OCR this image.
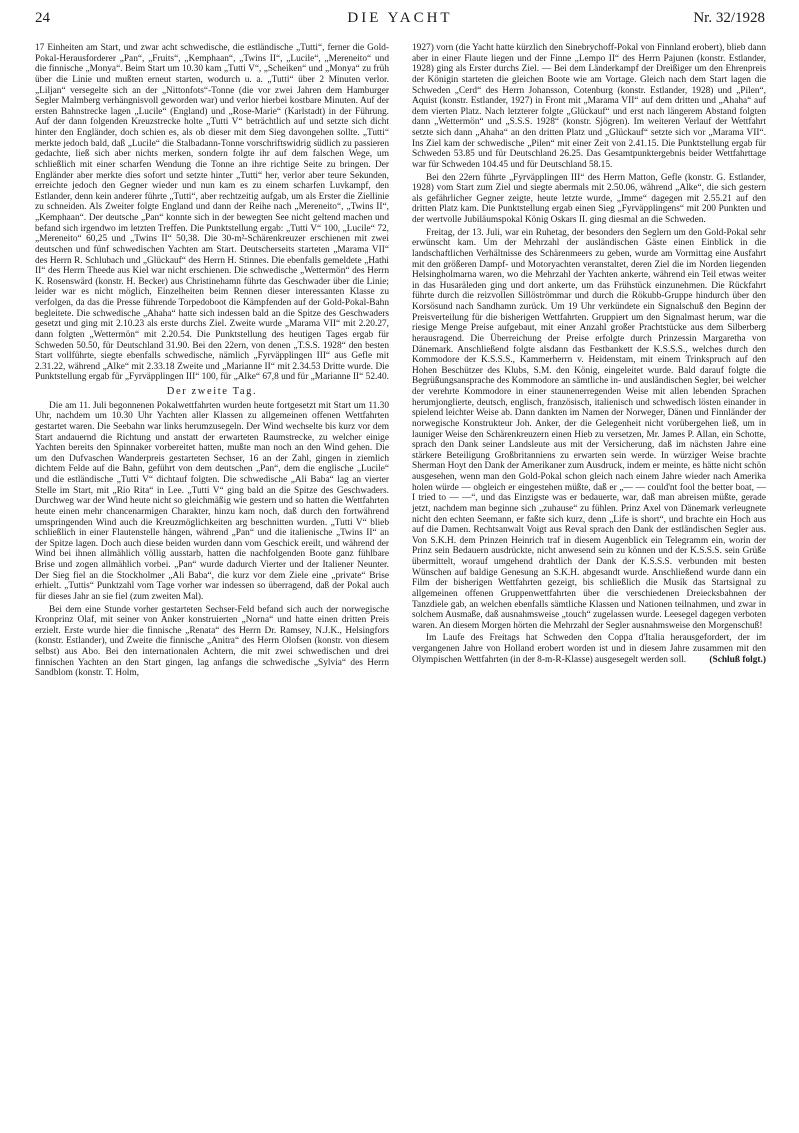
24	DIE YACHT	Nr. 32/1928

17 Einheiten am Start, und zwar acht schwedische, die estländische „Tutti“, ferner die Gold-Pokal-Herausforderer „Pan“, „Fruits“, „Kemphaan“, „Twins II“, „Lucile“, „Mereneito“ und die finnische „Monya“. Beim Start um 10.30 kam „Tutti V“, „Scheiken“ und „Monya“ zu früh über die Linie und mußten erneut starten, wodurch u. a. „Tutti“ über 2 Minuten verlor. „Liljan“ versegelte sich an der „Nittonfots“-Tonne (die vor zwei Jahren dem Hamburger Segler Malmberg verhängnisvoll geworden war) und verlor hierbei kostbare Minuten. Auf der ersten Bahnstrecke lagen „Lucile“ (England) und „Rose-Marie“ (Karlstadt) in der Führung. Auf der dann folgenden Kreuzstrecke holte „Tutti V“ beträchtlich auf und setzte sich dicht hinter den Engländer, doch schien es, als ob dieser mit dem Sieg davongehen sollte. „Tutti“ merkte jedoch bald, daß „Lucile“ die Stalbadann-Tonne vorschriftswidrig südlich zu passieren gedachte, ließ sich aber nichts merken, sondern folgte ihr auf dem falschen Wege, um schließlich mit einer scharfen Wendung die Tonne an ihre richtige Seite zu bringen. Der Engländer aber merkte dies sofort und setzte hinter „Tutti“ her, verlor aber teure Sekunden, erreichte jedoch den Gegner wieder und nun kam es zu einem scharfen Luvkampf, den Estlander, denn kein anderer führte „Tutti“, aber rechtzeitig aufgab, um als Erster die Ziellinie zu schneiden. Als Zweiter folgte England und dann der Reihe nach „Mereneito“, „Twins II“, „Kemphaan“. Der deutsche „Pan“ konnte sich in der bewegten See nicht geltend machen und befand sich irgendwo im letzten Treffen. Die Punktstellung ergab: „Tutti V“ 100, „Lucile“ 72, „Mereneito“ 60,25 und „Twins II“ 50,38. Die 30-m²-Schärenkreuzer erschienen mit zwei deutschen und fünf schwedischen Yachten am Start. Deutscherseits starteten „Marama VII“ des Herrn R. Schlubach und „Glückauf“ des Herrn H. Stinnes. Die ebenfalls gemeldete „Hathi II“ des Herrn Theede aus Kiel war nicht erschienen. Die schwedische „Wettermön“ des Herrn K. Rosenswärd (konstr. H. Becker) aus Christinehamn führte das Geschwader über die Linie; leider war es nicht möglich, Einzelheiten beim Rennen dieser interessanten Klasse zu verfolgen, da das die Presse führende Torpedoboot die Kämpfenden auf der Gold-Pokal-Bahn begleitete. Die schwedische „Ahaha“ hatte sich indessen bald an die Spitze des Geschwaders gesetzt und ging mit 2.10.23 als erste durchs Ziel. Zweite wurde „Marama VII“ mit 2.20.27, dann folgten „Wettermön“ mit 2.20.54. Die Punktstellung des heutigen Tages ergab für Schweden 50.50, für Deutschland 31.90. Bei den 22ern, von denen „T.S.S. 1928“ den besten Start vollführte, siegte ebenfalls schwedische, nämlich „Fyrväpplingen III“ aus Gefle mit 2.31.22, während „Alke“ mit 2.33.18 Zweite und „Marianne II“ mit 2.34.53 Dritte wurde. Die Punktstellung ergab für „Fyrväpplingen III“ 100, für „Alke“ 67,8 und für „Marianne II“ 52.40.

Der zweite Tag.

Die am 11. Juli begonnenen Pokalwettfahrten wurden heute fortgesetzt mit Start um 11.30 Uhr, nachdem um 10.30 Uhr Yachten aller Klassen zu allgemeinen offenen Wettfahrten gestartet waren. Die Seebahn war links herumzusegeln. Der Wind wechselte bis kurz vor dem Start andauernd die Richtung und anstatt der erwarteten Raumstrecke, zu welcher einige Yachten bereits den Spinnaker vorbereitet hatten, mußte man noch an den Wind gehen. Die um den Dufvaschen Wanderpreis gestarteten Sechser, 16 an der Zahl, gingen in ziemlich dichtem Felde auf die Bahn, geführt von dem deutschen „Pan“, dem die englische „Lucile“ und die estländische „Tutti V“ dichtauf folgten. Die schwedische „Ali Baba“ lag an vierter Stelle im Start, mit „Rio Rita“ in Lee. „Tutti V“ ging bald an die Spitze des Geschwaders. Durchweg war der Wind heute nicht so gleichmäßig wie gestern und so hatten die Wettfahrten heute einen mehr chancenarmigen Charakter, hinzu kam noch, daß durch den fortwährend umspringenden Wind auch die Kreuzmöglichkeiten arg beschnitten wurden. „Tutti V“ blieb schließlich in einer Flautenstelle hängen, während „Pan“ und die italienische „Twins II“ an der Spitze lagen. Doch auch diese beiden wurden dann vom Geschick ereilt, und während der Wind bei ihnen allmählich völlig ausstarb, hatten die nachfolgenden Boote ganz fühlbare Brise und zogen allmählich vorbei. „Pan“ wurde dadurch Vierter und der Italiener Neunter. Der Sieg fiel an die Stockholmer „Ali Baba“, die kurz vor dem Ziele eine „private“ Brise erhielt. „Tuttis“ Punktzahl vom Tage vorher war indessen so überragend, daß der Pokal auch für dieses Jahr an sie fiel (zum zweiten Mal).

Bei dem eine Stunde vorher gestarteten Sechser-Feld befand sich auch der norwegische Kronprinz Olaf, mit seiner von Anker konstruierten „Norna“ und hatte einen dritten Preis erzielt. Erste wurde hier die finnische „Renata“ des Herrn Dr. Ramsey, N.J.K., Helsingfors (konstr. Estlander), und Zweite die finnische „Anitra“ des Herrn Olofsen (konstr. von diesem selbst) aus Abo. Bei den internationalen Achtern, die mit zwei schwedischen und drei finnischen Yachten an den Start gingen, lag anfangs die schwedische „Sylvia“ des Herrn Sandblom (konstr. T. Holm,

1927) vorn (die Yacht hatte kürzlich den Sinebrychoff-Pokal von Finnland erobert), blieb dann aber in einer Flaute liegen und der Finne „Lempo II“ des Herrn Pajunen (konstr. Estlander, 1928) ging als Erster durchs Ziel. — Bei dem Länderkampf der Dreißiger um den Ehrenpreis der Königin starteten die gleichen Boote wie am Vortage. Gleich nach dem Start lagen die Schweden „Cerd“ des Herrn Johansson, Cotenburg (konstr. Estlander, 1928) und „Pilen“, Aquist (konstr. Estlander, 1927) in Front mit „Marama VII“ auf dem dritten und „Ahaha“ auf dem vierten Platz. Nach letzterer folgte „Glückauf“ und erst nach längerem Abstand folgten dann „Wettermön“ und „S.S.S. 1928“ (konstr. Sjögren). Im weiteren Verlauf der Wettfahrt setzte sich dann „Ahaha“ an den dritten Platz und „Glückauf“ setzte sich vor „Marama VII“. Ins Ziel kam der schwedische „Pilen“ mit einer Zeit von 2.41.15. Die Punktstellung ergab für Schweden 53.85 und für Deutschland 26.25. Das Gesamtpunktergebnis beider Wettfahrttage war für Schweden 104.45 und für Deutschland 58.15.

Bei den 22ern führte „Fyrväpplingen III“ des Herrn Matton, Gefle (konstr. G. Estlander, 1928) vom Start zum Ziel und siegte abermals mit 2.50.06, während „Alke“, die sich gestern als gefährlicher Gegner zeigte, heute letzte wurde, „Imme“ dagegen mit 2.55.21 auf den dritten Platz kam. Die Punktstellung ergab einen Sieg „Fyrväpplingens“ mit 200 Punkten und der wertvolle Jubiläumspokal König Oskars II. ging diesmal an die Schweden.

Freitag, der 13. Juli, war ein Ruhetag, der besonders den Seglern um den Gold-Pokal sehr erwünscht kam. Um der Mehrzahl der ausländischen Gäste einen Einblick in die landschaftlichen Verhältnisse des Schärenmeers zu geben, wurde am Vormittag eine Ausfahrt mit den größeren Dampf- und Motoryachten veranstaltet, deren Ziel die im Norden liegenden Helsingholmarna waren, wo die Mehrzahl der Yachten ankerte, während ein Teil etwas weiter in das Husaräleden ging und dort ankerte, um das Frühstück einzunehmen. Die Rückfahrt führte durch die reizvollen Sillöströmmar und durch die Rökubb-Gruppe hindurch über den Korsösund nach Sandhamn zurück. Um 19 Uhr verkündete ein Signalschuß den Beginn der Preisverteilung für die bisherigen Wettfahrten. Gruppiert um den Signalmast herum, war die riesige Menge Preise aufgebaut, mit einer Anzahl großer Prachtstücke aus dem Silberberg herausragend. Die Überreichung der Preise erfolgte durch Prinzessin Margaretha von Dänemark. Anschließend folgte alsdann das Festbankett der K.S.S.S., welches durch den Kommodore der K.S.S.S., Kammerherrn v. Heidenstam, mit einem Trinkspruch auf den Hohen Beschützer des Klubs, S.M. den König, eingeleitet wurde. Bald darauf folgte die Begrüßungsansprache des Kommodore an sämtliche in- und ausländischen Segler, bei welcher der verehrte Kommodore in einer staunenerregenden Weise mit allen lebenden Sprachen herumjonglierte, deutsch, englisch, französisch, italienisch und schwedisch lösten einander in spielend leichter Weise ab. Dann dankten im Namen der Norweger, Dänen und Finnländer der norwegische Konstrukteur Joh. Anker, der die Gelegenheit nicht vorübergehen ließ, um in launiger Weise den Schärenkreuzern einen Hieb zu versetzen, Mr. James P. Allan, ein Schotte, sprach den Dank seiner Landsleute aus mit der Versicherung, daß im nächsten Jahre eine stärkere Beteiligung Großbritanniens zu erwarten sein werde. In würziger Weise brachte Sherman Hoyt den Dank der Amerikaner zum Ausdruck, indem er meinte, es hätte nicht schön ausgesehen, wenn man den Gold-Pokal schon gleich nach einem Jahre wieder nach Amerika holen würde — obgleich er eingestehen müßte, daß er „— — could'nt fool the better boat, — I tried to — —“, und das Einzigste was er bedauerte, war, daß man abreisen müßte, gerade jetzt, nachdem man beginne sich „zuhause“ zu fühlen. Prinz Axel von Dänemark verleugnete nicht den echten Seemann, er faßte sich kurz, denn „Life is short“, und brachte ein Hoch aus auf die Damen. Rechtsanwalt Voigt aus Reval sprach den Dank der estländischen Segler aus. Von S.K.H. dem Prinzen Heinrich traf in diesem Augenblick ein Telegramm ein, worin der Prinz sein Bedauern ausdrückte, nicht anwesend sein zu können und der K.S.S.S. sein Grüße übermittelt, worauf umgehend drahtlich der Dank der K.S.S.S. verbunden mit besten Wünschen auf baldige Genesung an S.K.H. abgesandt wurde. Anschließend wurde dann ein Film der bisherigen Wettfahrten gezeigt, bis schließlich die Musik das Startsignal zu allgemeinen offenen Gruppenwettfahrten über die verschiedenen Dreiecksbahnen der Tanzdiele gab, an welchen ebenfalls sämtliche Klassen und Nationen teilnahmen, und zwar in solchem Ausmaße, daß ausnahmsweise „touch“ zugelassen wurde. Leesegel dagegen verboten waren. An diesem Morgen hörten die Mehrzahl der Segler ausnahmsweise den Morgenschuß!

Im Laufe des Freitags hat Schweden den Coppa d'Italia herausgefordert, der im vergangenen Jahre von Holland erobert worden ist und in diesem Jahre zusammen mit den Olympischen Wettfahrten (in der 8-m-R-Klasse) ausgesegelt werden soll. (Schluß folgt.)
